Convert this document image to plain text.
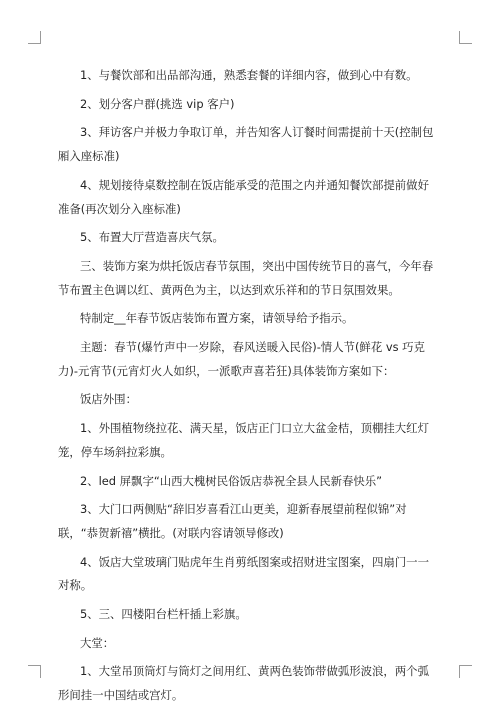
1、与餐饮部和出品部沟通，熟悉套餐的详细内容，做到心中有数。

2、划分客户群(挑选 vip 客户)

3、拜访客户并极力争取订单，并告知客人订餐时间需提前十天(控制包厢入座标准)

4、规划接待桌数控制在饭店能承受的范围之内并通知餐饮部提前做好准备(再次划分入座标准)

5、布置大厅营造喜庆气氛。

三、装饰方案为烘托饭店春节氛围，突出中国传统节日的喜气，今年春节布置主色调以红、黄两色为主，以达到欢乐祥和的节日氛围效果。

特制定__年春节饭店装饰布置方案，请领导给予指示。

主题：春节(爆竹声中一岁除，春风送暖入民俗)-情人节(鲜花 vs 巧克力)-元宵节(元宵灯火人如织，一派歌声喜若狂)具体装饰方案如下：

饭店外围：

1、外围植物绕拉花、满天星，饭店正门口立大盆金桔，顶棚挂大红灯笼，停车场斜拉彩旗。

2、led 屏飘字“山西大槐树民俗饭店恭祝全县人民新春快乐”

3、大门口两侧贴“辞旧岁喜看江山更美，迎新春展望前程似锦”对联，“恭贺新禧”横批。(对联内容请领导修改)

4、饭店大堂玻璃门贴虎年生肖剪纸图案或招财进宝图案，四扇门一一对称。

5、三、四楼阳台栏杆插上彩旗。

大堂：

1、大堂吊顶筒灯与筒灯之间用红、黄两色装饰带做弧形波浪，两个弧形间挂一中国结或宫灯。
